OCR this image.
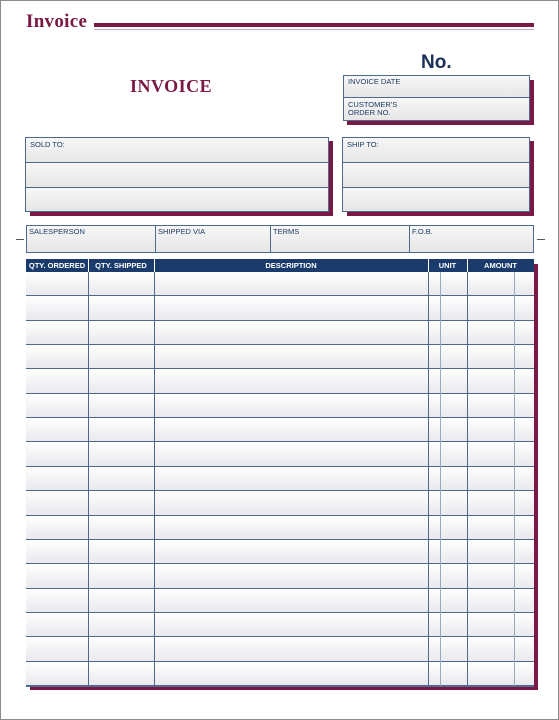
Invoice
No.
INVOICE	INVOICE DATE
CUSTOMER'S
ORDER NO.
SOLD TO:	SHIP TO:
SALESPERSON	SHIPPED VIA	TERMS	F.O.B.
QTY. ORDERED	QTY. SHIPPED	DESCRIPTION	UNIT	AMOUNT
